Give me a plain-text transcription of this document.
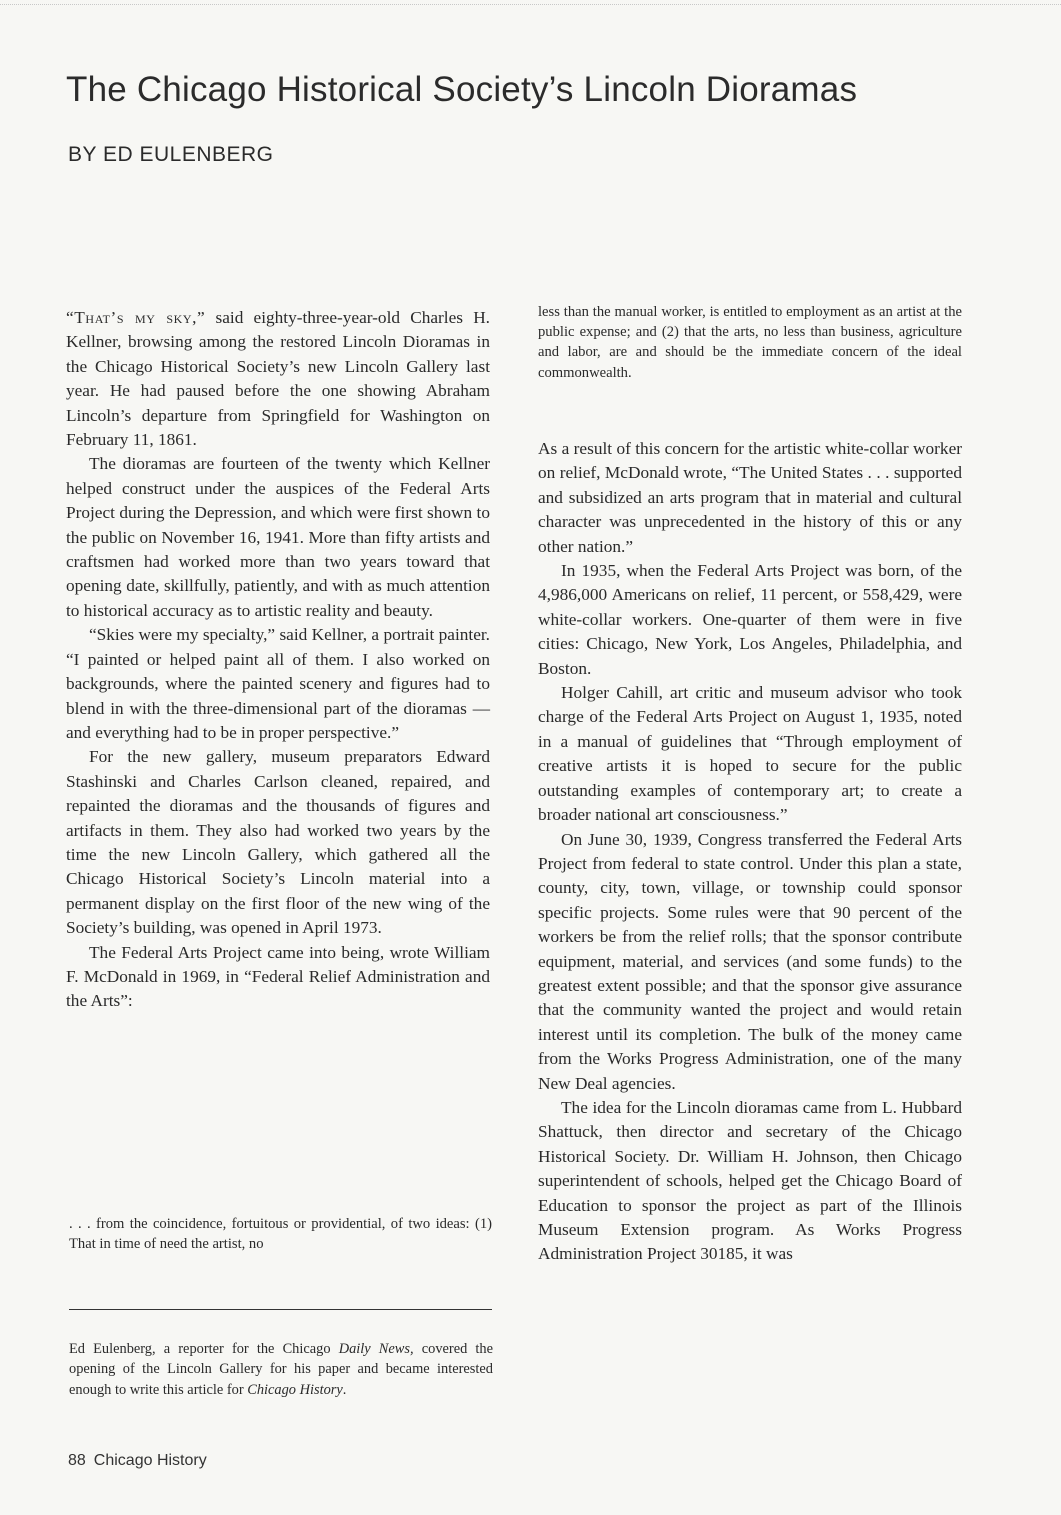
The Chicago Historical Society’s Lincoln Dioramas
BY ED EULENBERG

“That’s my sky,” said eighty-three-year-old Charles H. Kellner, browsing among the restored Lincoln Dioramas in the Chicago Historical Society’s new Lincoln Gallery last year. He had paused before the one showing Abraham Lincoln’s departure from Springfield for Washington on February 11, 1861.

The dioramas are fourteen of the twenty which Kellner helped construct under the auspices of the Federal Arts Project during the Depression, and which were first shown to the public on November 16, 1941. More than fifty artists and craftsmen had worked more than two years toward that opening date, skillfully, patiently, and with as much attention to historical accuracy as to artistic reality and beauty.

“Skies were my specialty,” said Kellner, a portrait painter. “I painted or helped paint all of them. I also worked on backgrounds, where the painted scenery and figures had to blend in with the three-dimensional part of the dioramas —and everything had to be in proper perspective.”

For the new gallery, museum preparators Edward Stashinski and Charles Carlson cleaned, repaired, and repainted the dioramas and the thousands of figures and artifacts in them. They also had worked two years by the time the new Lincoln Gallery, which gathered all the Chicago Historical Society’s Lincoln material into a permanent display on the first floor of the new wing of the Society’s building, was opened in April 1973.

The Federal Arts Project came into being, wrote William F. McDonald in 1969, in “Federal Relief Administration and the Arts”:

. . . from the coincidence, fortuitous or providential, of two ideas: (1) That in time of need the artist, no

Ed Eulenberg, a reporter for the Chicago Daily News, covered the opening of the Lincoln Gallery for his paper and became interested enough to write this article for Chicago History.

88 Chicago History

less than the manual worker, is entitled to employment as an artist at the public expense; and (2) that the arts, no less than business, agriculture and labor, are and should be the immediate concern of the ideal commonwealth.

As a result of this concern for the artistic white-collar worker on relief, McDonald wrote, “The United States . . . supported and subsidized an arts program that in material and cultural character was unprecedented in the history of this or any other nation.”

In 1935, when the Federal Arts Project was born, of the 4,986,000 Americans on relief, 11 percent, or 558,429, were white-collar workers. One-quarter of them were in five cities: Chicago, New York, Los Angeles, Philadelphia, and Boston.

Holger Cahill, art critic and museum advisor who took charge of the Federal Arts Project on August 1, 1935, noted in a manual of guidelines that “Through employment of creative artists it is hoped to secure for the public outstanding examples of contemporary art; to create a broader national art consciousness.”

On June 30, 1939, Congress transferred the Federal Arts Project from federal to state control. Under this plan a state, county, city, town, village, or township could sponsor specific projects. Some rules were that 90 percent of the workers be from the relief rolls; that the sponsor contribute equipment, material, and services (and some funds) to the greatest extent possible; and that the sponsor give assurance that the community wanted the project and would retain interest until its completion. The bulk of the money came from the Works Progress Administration, one of the many New Deal agencies.

The idea for the Lincoln dioramas came from L. Hubbard Shattuck, then director and secretary of the Chicago Historical Society. Dr. William H. Johnson, then Chicago superintendent of schools, helped get the Chicago Board of Education to sponsor the project as part of the Illinois Museum Extension program. As Works Progress Administration Project 30185, it was
